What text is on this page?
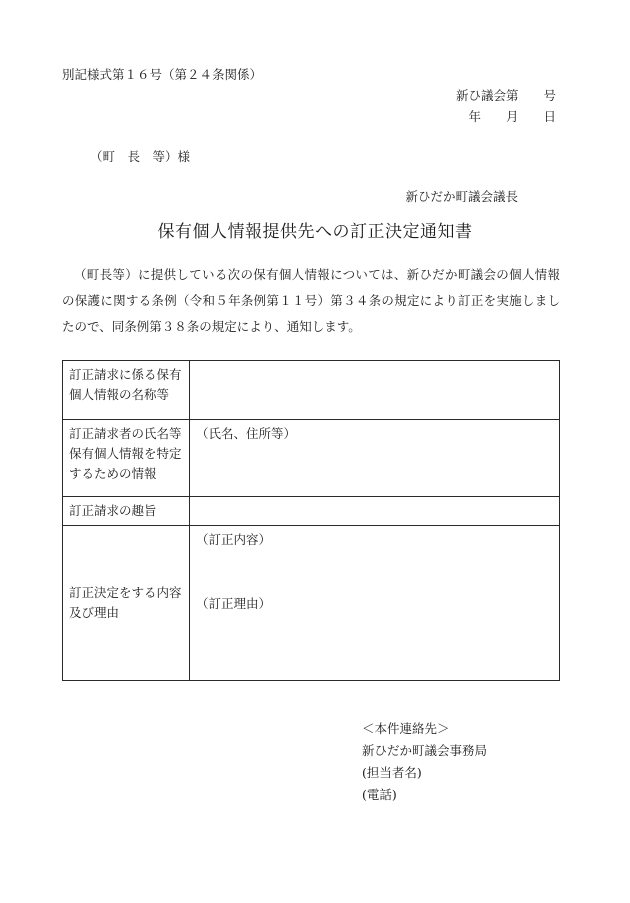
別記様式第１６号（第２４条関係）
新ひ議会第　　号
年　　月　　日
（町　長　等）様
新ひだか町議会議長
保有個人情報提供先への訂正決定通知書
（町長等）に提供している次の保有個人情報については、新ひだか町議会の個人情報の保護に関する条例（令和５年条例第１１号）第３４条の規定により訂正を実施しましたので、同条例第３８条の規定により、通知します。
訂正請求に係る保有個人情報の名称等	
訂正請求者の氏名等保有個人情報を特定するための情報	（氏名、住所等）
訂正請求の趣旨	
訂正決定をする内容及び理由	（訂正内容）
（訂正理由）
＜本件連絡先＞
新ひだか町議会事務局
(担当者名)
(電話)
